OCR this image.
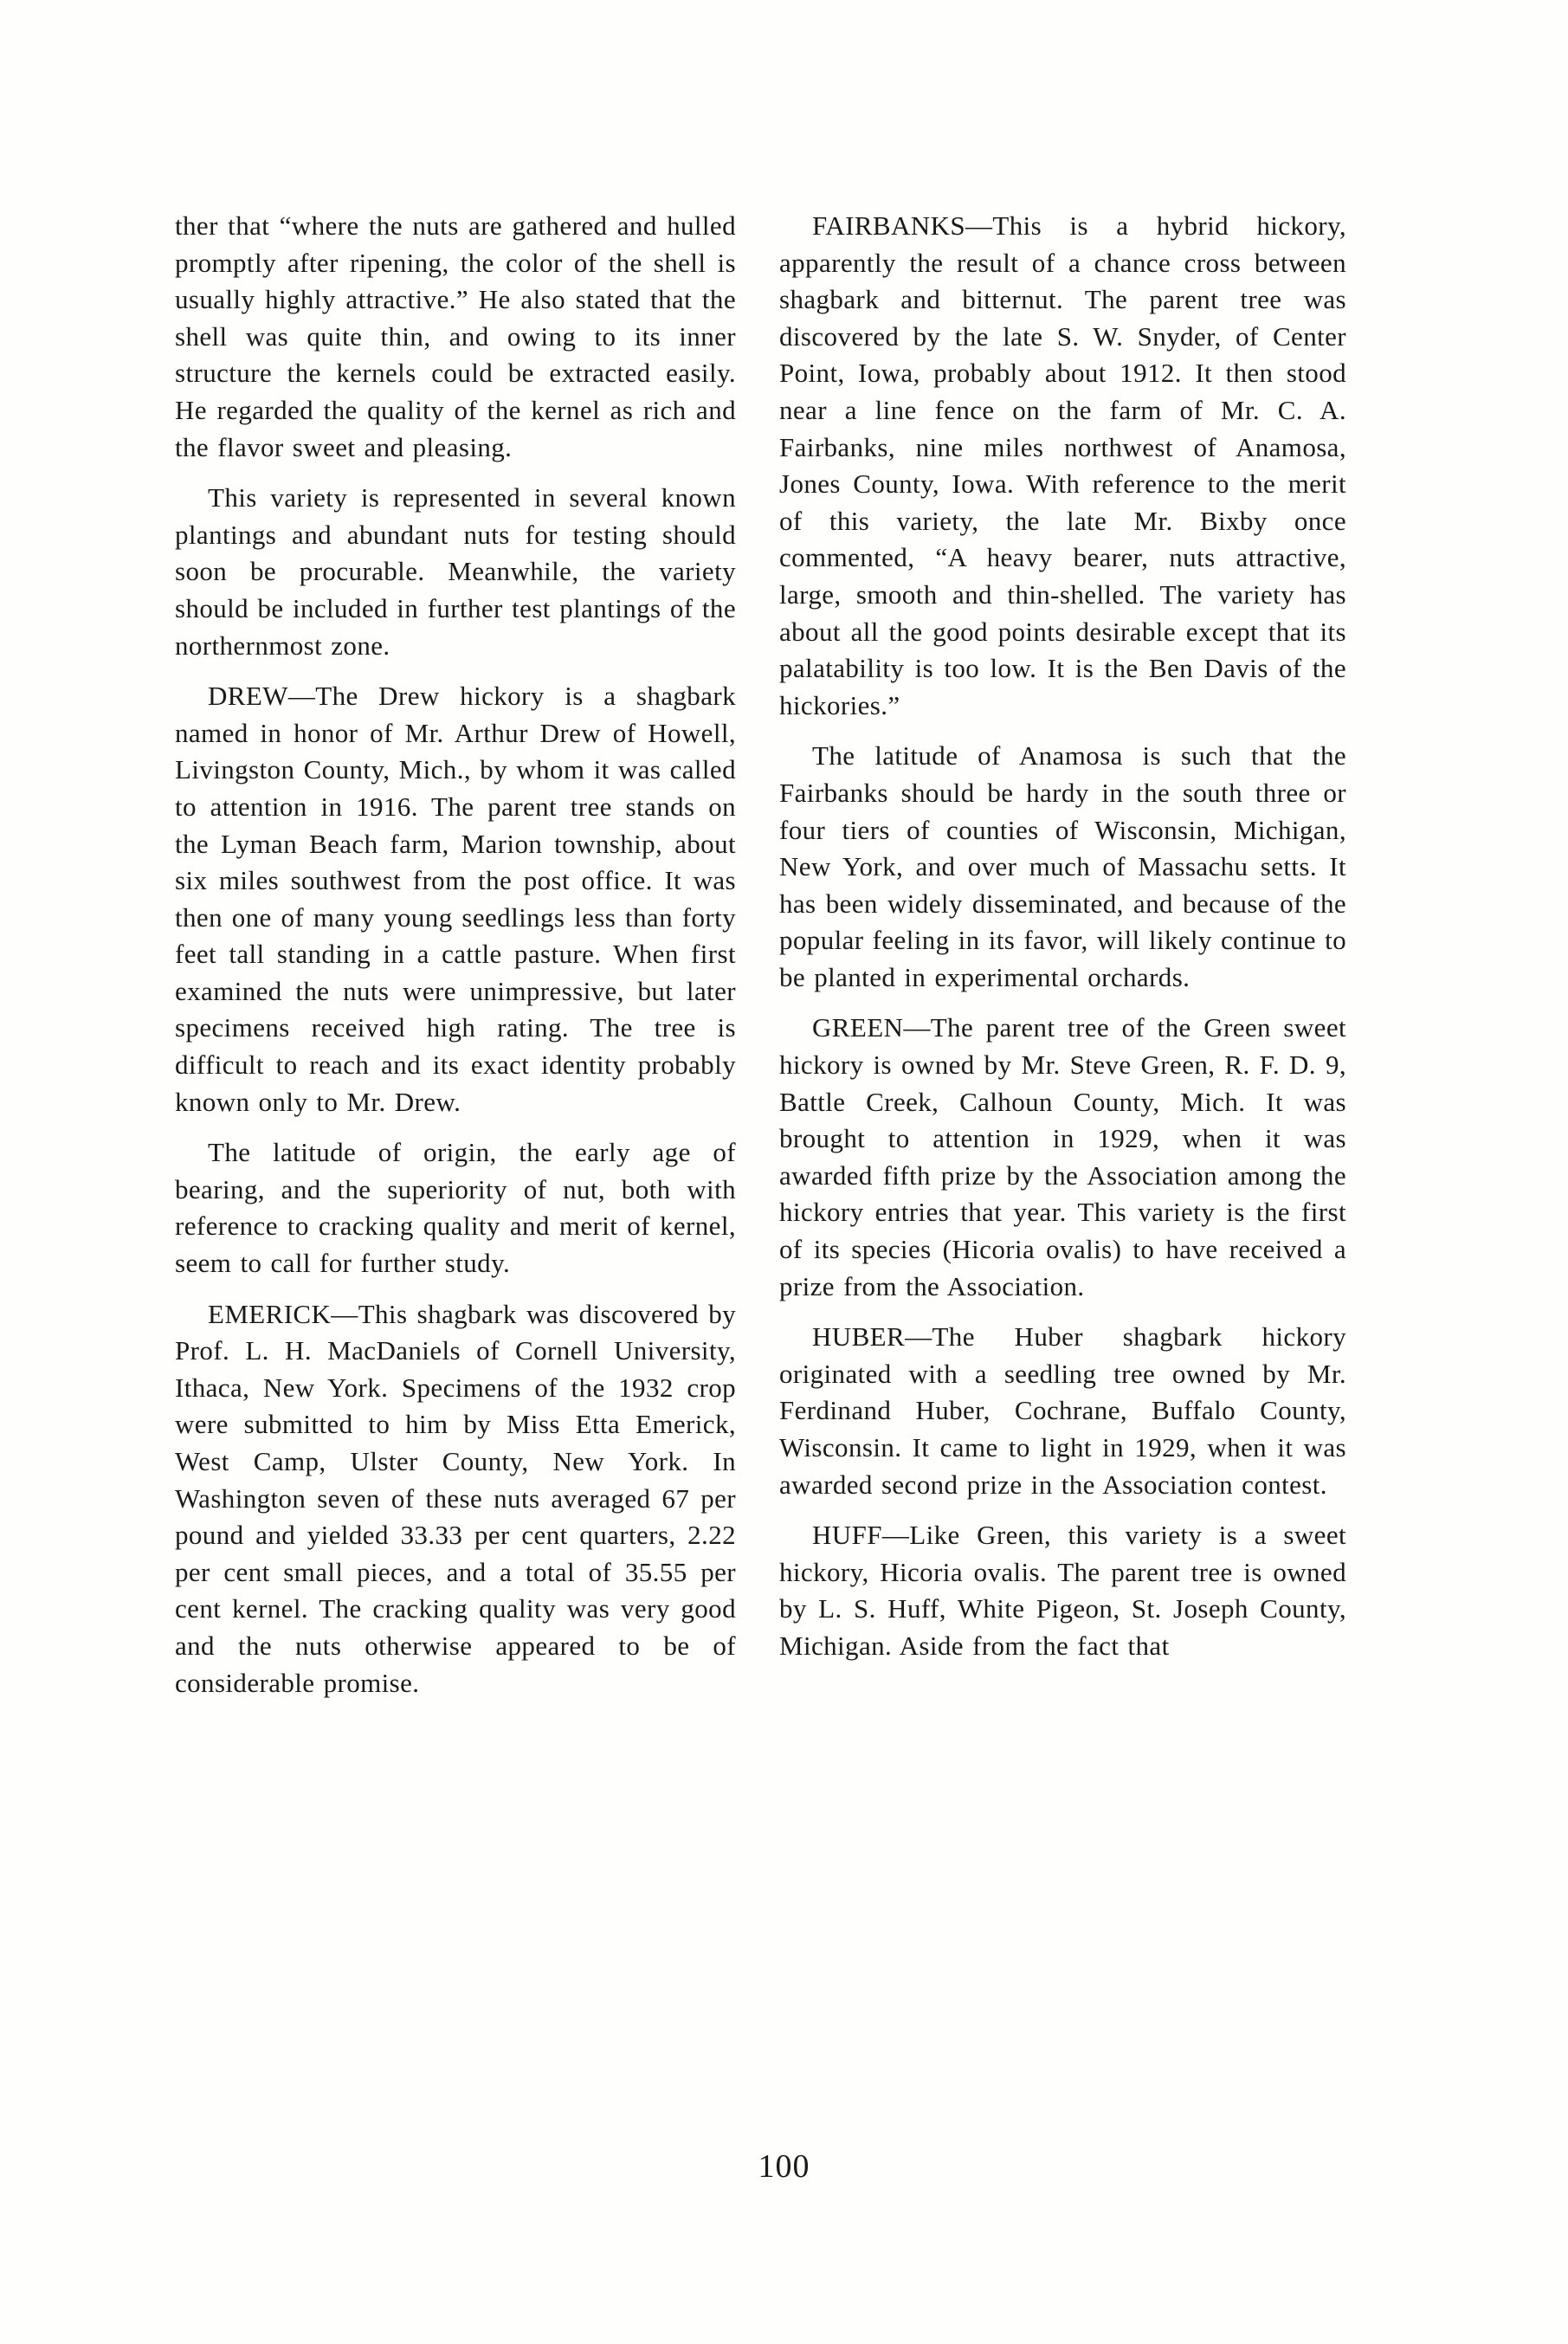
ther that “where the nuts are gathered and hulled promptly after ripening, the color of the shell is usually highly attractive.” He also stated that the shell was quite thin, and owing to its inner structure the kernels could be extracted easily. He regarded the quality of the kernel as rich and the flavor sweet and pleasing.

This variety is represented in several known plantings and abundant nuts for testing should soon be procurable. Meanwhile, the variety should be included in further test plantings of the northernmost zone.

DREW—The Drew hickory is a shagbark named in honor of Mr. Arthur Drew of Howell, Livingston County, Mich., by whom it was called to attention in 1916. The parent tree stands on the Lyman Beach farm, Marion township, about six miles southwest from the post office. It was then one of many young seedlings less than forty feet tall standing in a cattle pasture. When first examined the nuts were unimpressive, but later specimens received high rating. The tree is difficult to reach and its exact identity probably known only to Mr. Drew.

The latitude of origin, the early age of bearing, and the superiority of nut, both with reference to cracking quality and merit of kernel, seem to call for further study.

EMERICK—This shagbark was discovered by Prof. L. H. MacDaniels of Cornell University, Ithaca, New York. Specimens of the 1932 crop were submitted to him by Miss Etta Emerick, West Camp, Ulster County, New York. In Washington seven of these nuts averaged 67 per pound and yielded 33.33 per cent quarters, 2.22 per cent small pieces, and a total of 35.55 per cent kernel. The cracking quality was very good and the nuts otherwise appeared to be of considerable promise.

FAIRBANKS—This is a hybrid hickory, apparently the result of a chance cross between shagbark and bitternut. The parent tree was discovered by the late S. W. Snyder, of Center Point, Iowa, probably about 1912. It then stood near a line fence on the farm of Mr. C. A. Fairbanks, nine miles northwest of Anamosa, Jones County, Iowa. With reference to the merit of this variety, the late Mr. Bixby once commented, “A heavy bearer, nuts attractive, large, smooth and thin-shelled. The variety has about all the good points desirable except that its palatability is too low. It is the Ben Davis of the hickories.”

The latitude of Anamosa is such that the Fairbanks should be hardy in the south three or four tiers of counties of Wisconsin, Michigan, New York, and over much of Massachu setts. It has been widely disseminated, and because of the popular feeling in its favor, will likely continue to be planted in experimental orchards.

GREEN—The parent tree of the Green sweet hickory is owned by Mr. Steve Green, R. F. D. 9, Battle Creek, Calhoun County, Mich. It was brought to attention in 1929, when it was awarded fifth prize by the Association among the hickory entries that year. This variety is the first of its species (Hicoria ovalis) to have received a prize from the Association.

HUBER—The Huber shagbark hickory originated with a seedling tree owned by Mr. Ferdinand Huber, Cochrane, Buffalo County, Wisconsin. It came to light in 1929, when it was awarded second prize in the Association contest.

HUFF—Like Green, this variety is a sweet hickory, Hicoria ovalis. The parent tree is owned by L. S. Huff, White Pigeon, St. Joseph County, Michigan. Aside from the fact that

100
